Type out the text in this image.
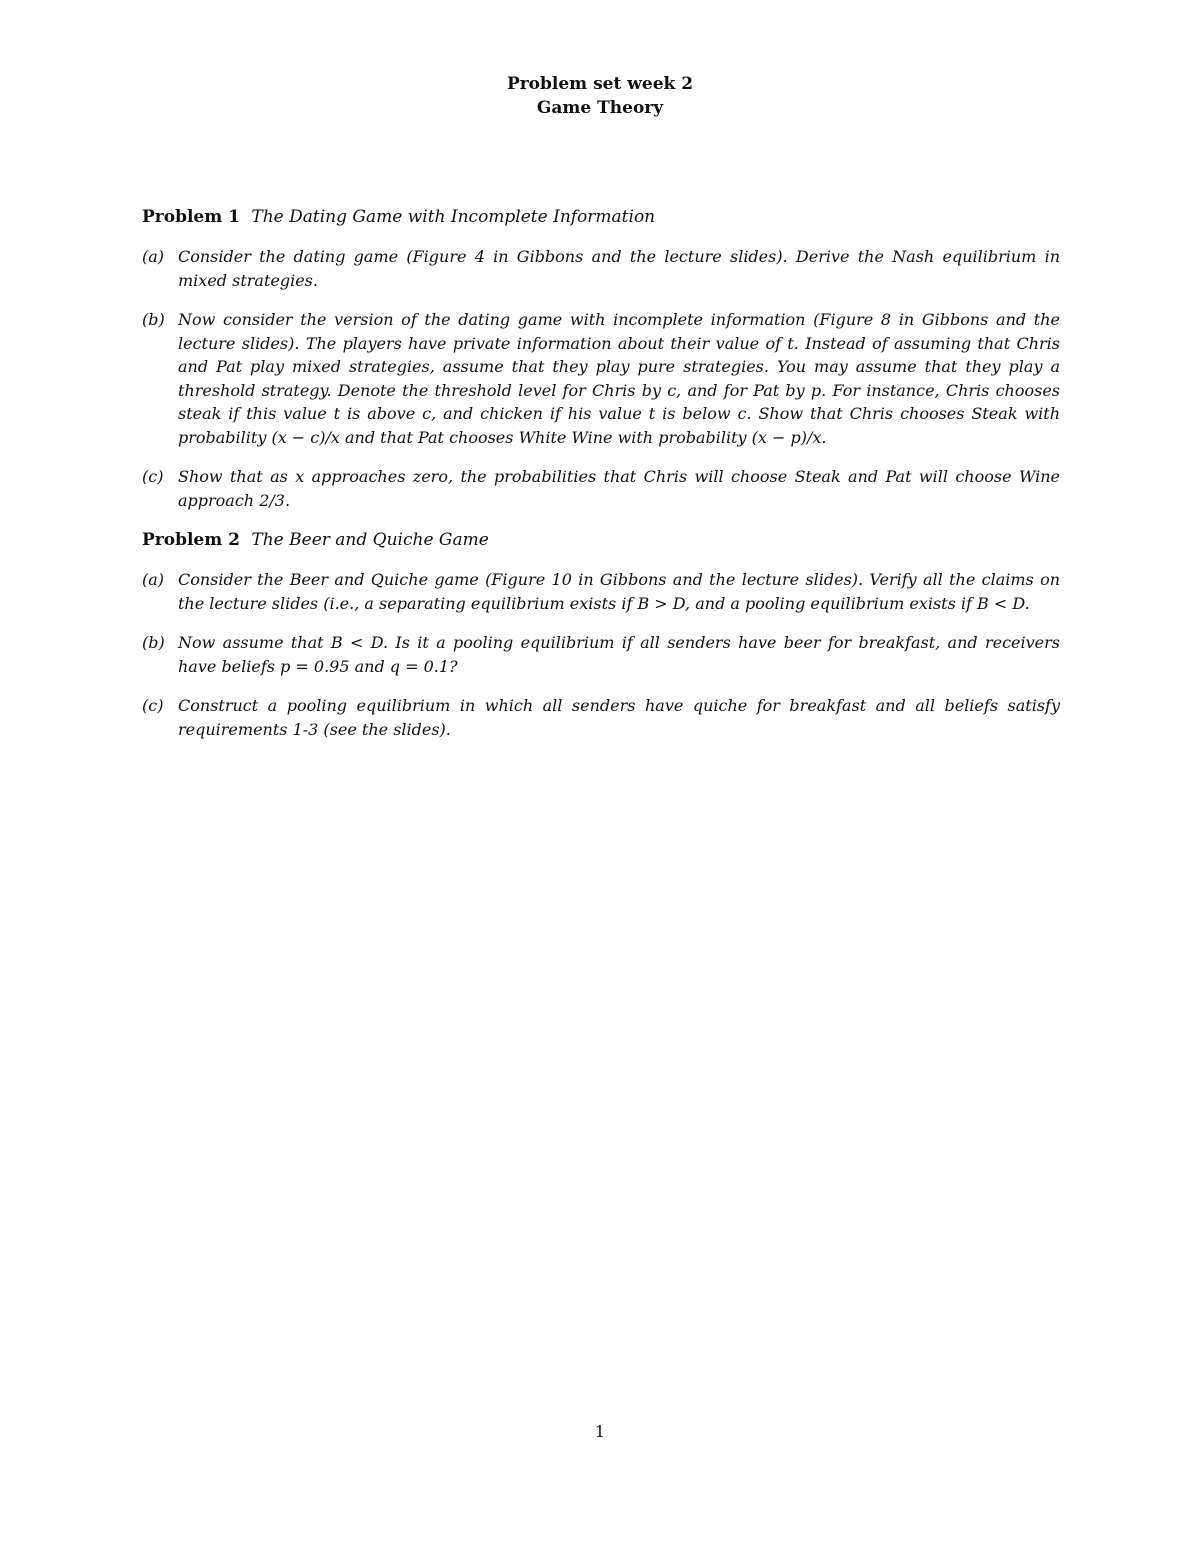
Problem set week 2
Game Theory
Problem 1 The Dating Game with Incomplete Information
(a) Consider the dating game (Figure 4 in Gibbons and the lecture slides). Derive the Nash equilibrium in mixed strategies.
(b) Now consider the version of the dating game with incomplete information (Figure 8 in Gibbons and the lecture slides). The players have private information about their value of t. Instead of assuming that Chris and Pat play mixed strategies, assume that they play pure strategies. You may assume that they play a threshold strategy. Denote the threshold level for Chris by c, and for Pat by p. For instance, Chris chooses steak if this value t is above c, and chicken if his value t is below c. Show that Chris chooses Steak with probability (x − c)/x and that Pat chooses White Wine with probability (x − p)/x.
(c) Show that as x approaches zero, the probabilities that Chris will choose Steak and Pat will choose Wine approach 2/3.
Problem 2 The Beer and Quiche Game
(a) Consider the Beer and Quiche game (Figure 10 in Gibbons and the lecture slides). Verify all the claims on the lecture slides (i.e., a separating equilibrium exists if B > D, and a pooling equilibrium exists if B < D.
(b) Now assume that B < D. Is it a pooling equilibrium if all senders have beer for breakfast, and receivers have beliefs p = 0.95 and q = 0.1?
(c) Construct a pooling equilibrium in which all senders have quiche for breakfast and all beliefs satisfy requirements 1-3 (see the slides).
1
